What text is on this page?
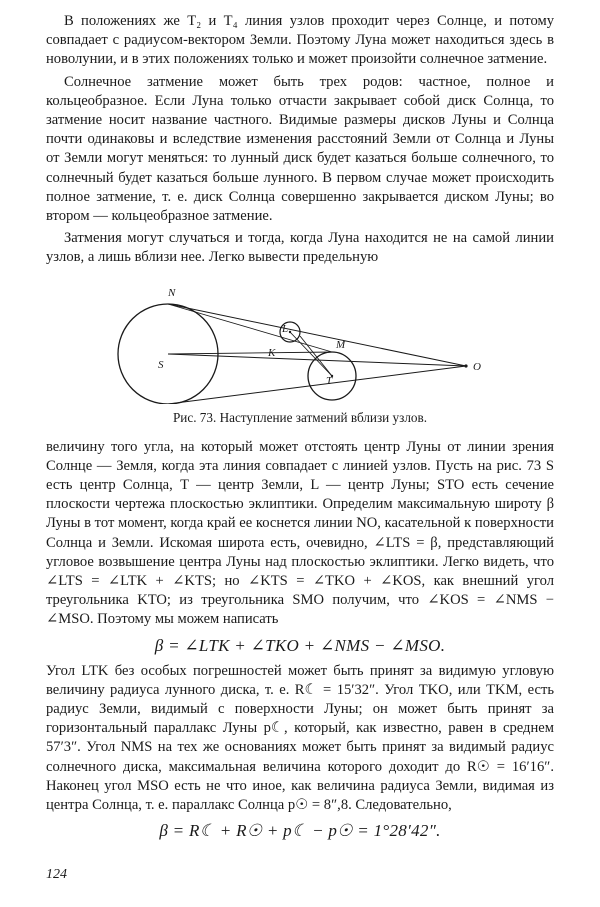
В положениях же T₂ и T₄ линия узлов проходит через Солнце, и потому совпадает с радиусом-вектором Земли. Поэтому Луна может находиться здесь в новолунии, и в этих положениях только и может произойти солнечное затмение.

Солнечное затмение может быть трех родов: частное, полное и кольцеобразное. Если Луна только отчасти закрывает собой диск Солнца, то затмение носит название частного. Видимые размеры дисков Луны и Солнца почти одинаковы и вследствие изменения расстояний Земли от Солнца и Луны от Земли могут меняться: то лунный диск будет казаться больше солнечного, то солнечный будет казаться больше лунного. В первом случае может происходить полное затмение, т. е. диск Солнца совершенно закрывается диском Луны; во втором — кольцеобразное затмение.

Затмения могут случаться и тогда, когда Луна находится не на самой линии узлов, а лишь вблизи нее. Легко вывести предельную

N
S
L
K
M
T
O
Рис. 73. Наступление затмений вблизи узлов.

величину того угла, на который может отстоять центр Луны от линии зрения Солнце — Земля, когда эта линия совпадает с линией узлов. Пусть на рис. 73 S есть центр Солнца, T — центр Земли, L — центр Луны; STO есть сечение плоскости чертежа плоскостью эклиптики. Определим максимальную широту β Луны в тот момент, когда край ее коснется линии NO, касательной к поверхности Солнца и Земли. Искомая широта есть, очевидно, ∠LTS = β, представляющий угловое возвышение центра Луны над плоскостью эклиптики. Легко видеть, что ∠LTS = ∠LTK + ∠KTS; но ∠KTS = ∠TKO + ∠KOS, как внешний угол треугольника KTO; из треугольника SMO получим, что ∠KOS = ∠NMS − ∠MSO. Поэтому мы можем написать

β = ∠LTK + ∠TKO + ∠NMS − ∠MSO.

Угол LTK без особых погрешностей может быть принят за видимую угловую величину радиуса лунного диска, т. е. R☾ = 15′32″. Угол TKO, или TKM, есть радиус Земли, видимый с поверхности Луны; он может быть принят за горизонтальный параллакс Луны p☾, который, как известно, равен в среднем 57′3″. Угол NMS на тех же основаниях может быть принят за видимый радиус солнечного диска, максимальная величина которого доходит до R☉ = 16′16″. Наконец угол MSO есть не что иное, как величина радиуса Земли, видимая из центра Солнца, т. е. параллакс Солнца p☉ = 8″,8. Следовательно,

β = R☾ + R☉ + p☾ − p☉ = 1°28′42″.
124
